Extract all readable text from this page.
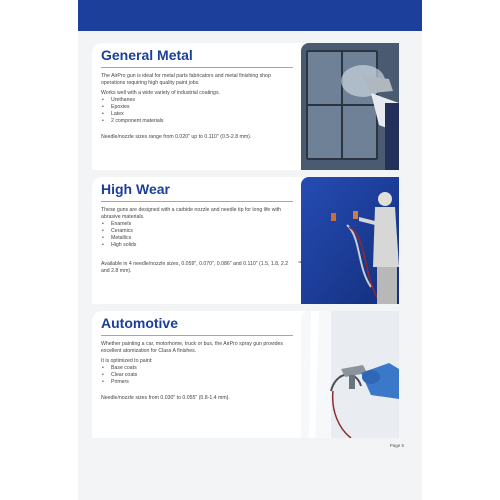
General Metal

The AirPro gun is ideal for metal parts fabricators and metal finishing shop operations requiring high quality paint jobs.

Works well with a wide variety of industrial coatings.

• Urethanes
• Epoxies
• Latex
• 2 component materials

Needle/nozzle sizes range from 0.020" up to 0.110" (0.5-2.8 mm).

High Wear

These guns are designed with a carbide nozzle and needle tip for long life with abrasive materials.

• Enamels
• Ceramics
• Metallics
• High solids

Available in 4 needle/nozzle sizes, 0.059", 0.070", 0.086" and 0.110" (1.5, 1.8, 2.2 and 2.8 mm).

Automotive

Whether painting a car, motorhome, truck or bus, the AirPro spray gun provides excellent atomization for Class A finishes.

It is optimized to paint:

• Base coats
• Clear coats
• Primers

Needle/nozzle sizes from 0.030" to 0.055" (0.8-1.4 mm).

Page 5
